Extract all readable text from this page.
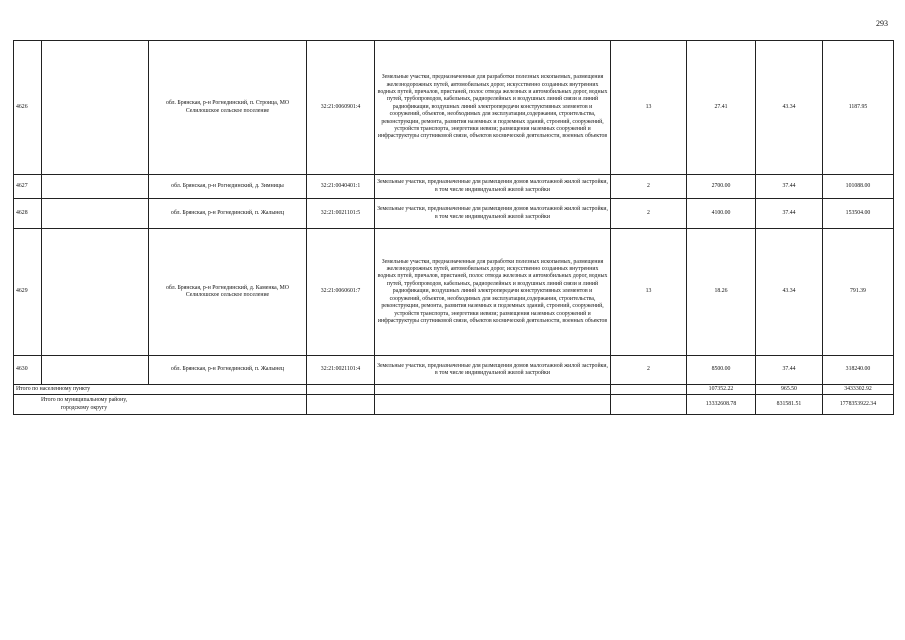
293
4626		обл. Брянская, р-н Рогнединский, п. Строица, МО Селилошское сельское поселение	32:21:0060901:4	Земельные участки, предназначенные для разработки полезных ископаемых, размещения железнодорожных путей, автомобильных дорог, искусственно созданных внутренних водных путей, причалов, пристаней, полос отвода железных и автомобильных дорог, водных путей, трубопроводов, кабельных, радиорелейных и воздушных линий связи и линий радиофикации, воздушных линий электропередачи конструктивных элементов и сооружений, объектов, необходимых для эксплуатации,содержания, строительства, реконструкции, ремонта, развития наземных и подземных зданий, строений, сооружений, устройств транспорта, энергетики иевязи; размещения наземных сооружений и инфраструктуры спутниковой связи, объектов космической деятельности, военных объектов	13	27.41	43.34	1187.95
4627		обл. Брянская, р-н Рогнединский, д. Зимницы	32:21:0040401:1	Земельные участки, предназначенные для размещения домов малоэтажной жилой застройки, в том числе индивидуальной жилой застройки	2	2700.00	37.44	101088.00
4628		обл. Брянская, р-н Рогнединский, п. Жалынец	32:21:0021101:5	Земельные участки, предназначенные для размещения домов малоэтажной жилой застройки, в том числе индивидуальной жилой застройки	2	4100.00	37.44	153504.00
4629		обл. Брянская, р-н Рогнединский, д. Каменка, МО Селилошское сельское поселение	32:21:0060601:7	Земельные участки, предназначенные для разработки полезных ископаемых, размещения железнодорожных путей, автомобильных дорог, искусственно созданных внутренних водных путей, причалов, пристаней, полос отвода железных и автомобильных дорог, водных путей, трубопроводов, кабельных, радиорелейных и воздушных линий связи и линий радиофикации, воздушных линий электропередачи конструктивных элементов и сооружений, объектов, необходимых для эксплуатации,содержания, строительства, реконструкции, ремонта, развития наземных и подземных зданий, строений, сооружений, устройств транспорта, энергетики иевязи; размещения наземных сооружений и инфраструктуры спутниковой связи, объектов космической деятельности, военных объектов	13	18.26	43.34	791.39
4630		обл. Брянская, р-н Рогнединский, п. Жалынец	32:21:0021101:4	Земельные участки, предназначенные для размещения домов малоэтажной жилой застройки, в том числе индивидуальной жилой застройки	2	8500.00	37.44	318240.00
Итого по населенному пункту						107352.22	965.50	3433302.92

Итого по муниципальному району, городскому округу						13332608.78	831581.51	1778353922.34
